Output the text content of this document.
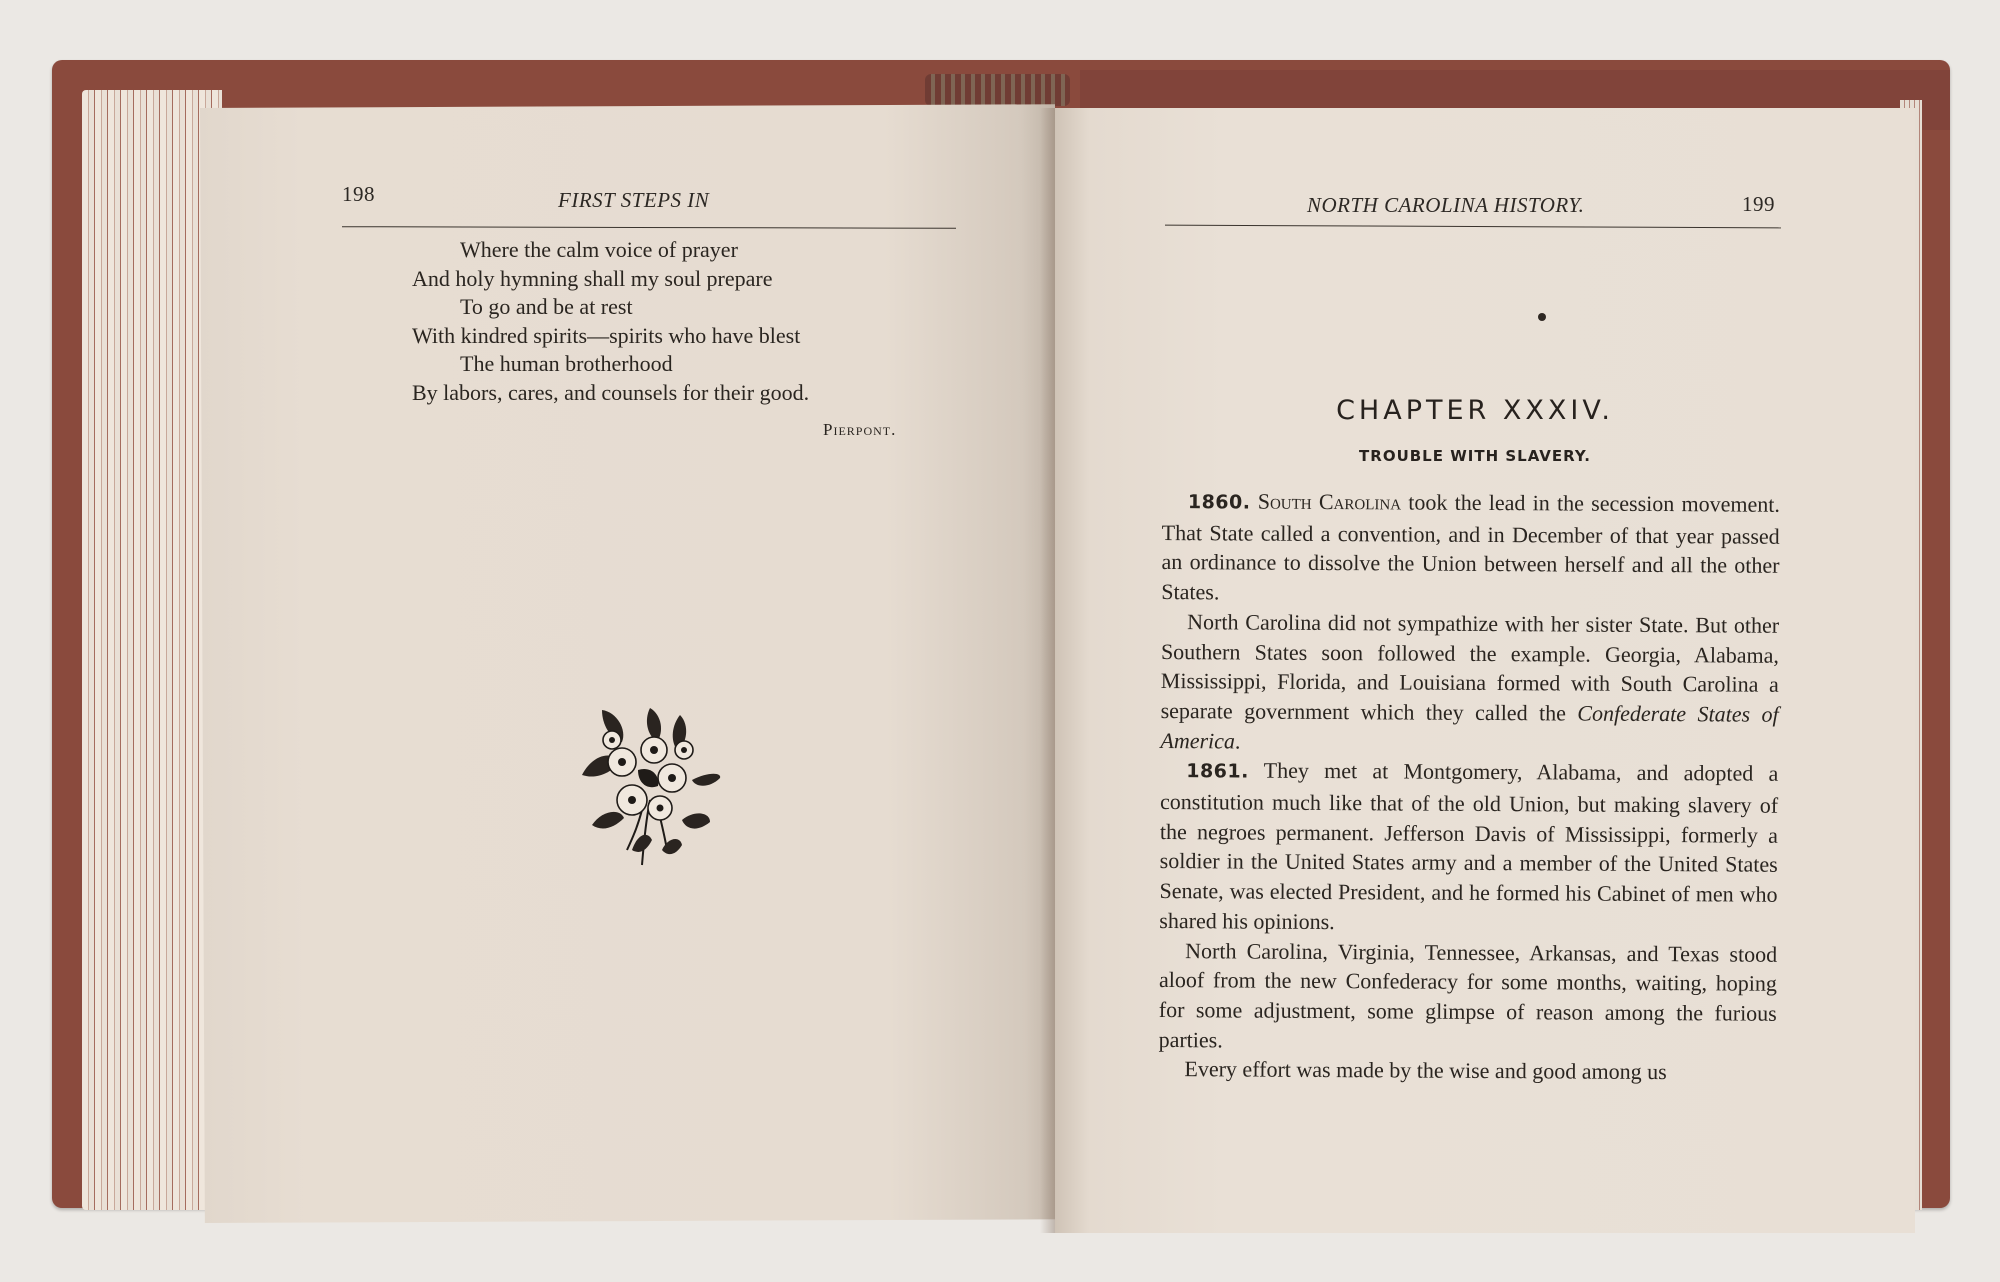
198	FIRST STEPS IN
Where the calm voice of prayer
And holy hymning shall my soul prepare
To go and be at rest
With kindred spirits—spirits who have blest
The human brotherhood
By labors, cares, and counsels for their good.
Pierpont.
NORTH CAROLINA HISTORY.	199
CHAPTER XXXIV.
TROUBLE WITH SLAVERY.

1860. South Carolina took the lead in the secession movement. That State called a convention, and in December of that year passed an ordinance to dissolve the Union between herself and all the other States.

North Carolina did not sympathize with her sister State. But other Southern States soon followed the example. Georgia, Alabama, Mississippi, Florida, and Louisiana formed with South Carolina a separate government which they called the Confederate States of America.

1861. They met at Montgomery, Alabama, and adopted a constitution much like that of the old Union, but making slavery of the negroes permanent. Jefferson Davis of Mississippi, formerly a soldier in the United States army and a member of the United States Senate, was elected President, and he formed his Cabinet of men who shared his opinions.

North Carolina, Virginia, Tennessee, Arkansas, and Texas stood aloof from the new Confederacy for some months, waiting, hoping for some adjustment, some glimpse of reason among the furious parties.

Every effort was made by the wise and good among us
